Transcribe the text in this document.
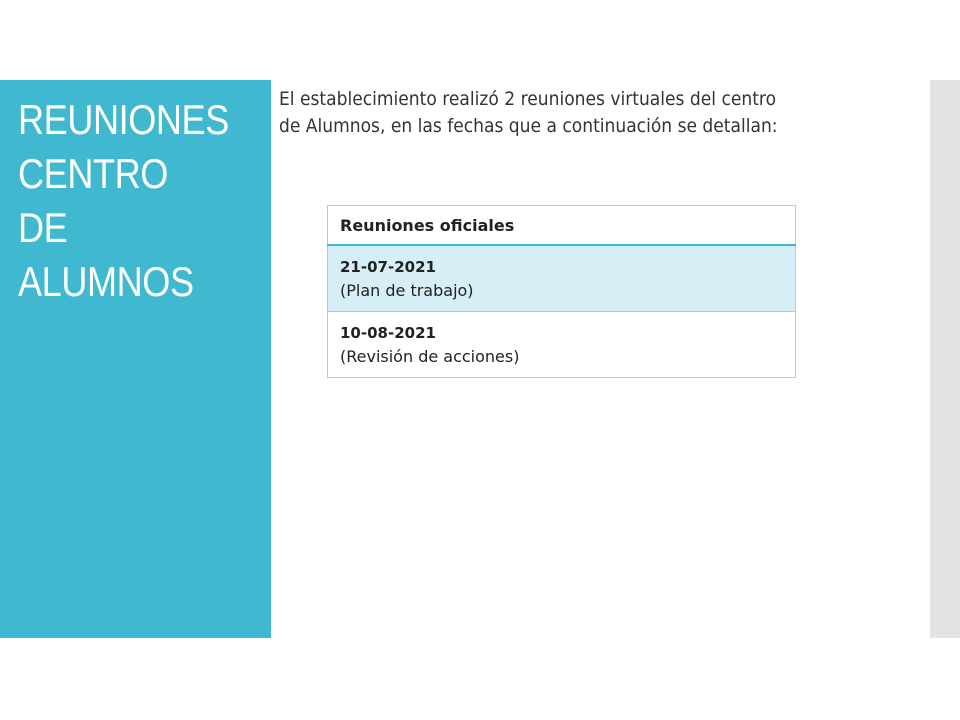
REUNIONES
CENTRO
DE
ALUMNOS

El establecimiento realizó 2 reuniones virtuales del centro
de Alumnos, en las fechas que a continuación se detallan:

Reuniones oficiales

21-07-2021
(Plan de trabajo)

10-08-2021
(Revisión de acciones)
